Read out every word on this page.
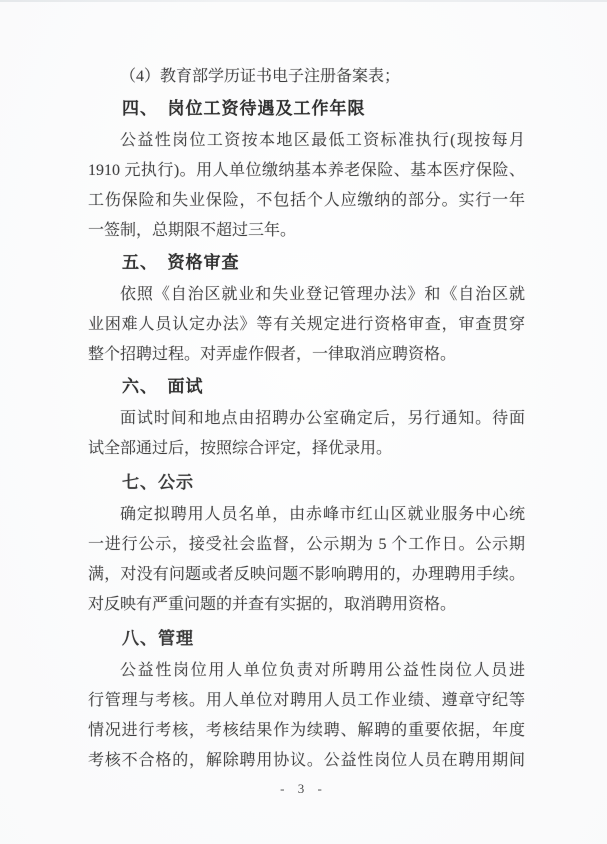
（4）教育部学历证书电子注册备案表；
四、　岗位工资待遇及工作年限
公益性岗位工资按本地区最低工资标准执行(现按每月
1910 元执行)。用人单位缴纳基本养老保险、基本医疗保险、
工伤保险和失业保险，不包括个人应缴纳的部分。实行一年
一签制，总期限不超过三年。
五、　资格审查
依照《自治区就业和失业登记管理办法》和《自治区就
业困难人员认定办法》等有关规定进行资格审查，审查贯穿
整个招聘过程。对弄虚作假者，一律取消应聘资格。
六、　面试
面试时间和地点由招聘办公室确定后，另行通知。待面
试全部通过后，按照综合评定，择优录用。
七、公示
确定拟聘用人员名单，由赤峰市红山区就业服务中心统
一进行公示，接受社会监督，公示期为 5 个工作日。公示期
满，对没有问题或者反映问题不影响聘用的，办理聘用手续。
对反映有严重问题的并查有实据的，取消聘用资格。
八、管理
公益性岗位用人单位负责对所聘用公益性岗位人员进
行管理与考核。用人单位对聘用人员工作业绩、遵章守纪等
情况进行考核，考核结果作为续聘、解聘的重要依据，年度
考核不合格的，解除聘用协议。公益性岗位人员在聘用期间
- 3 -
